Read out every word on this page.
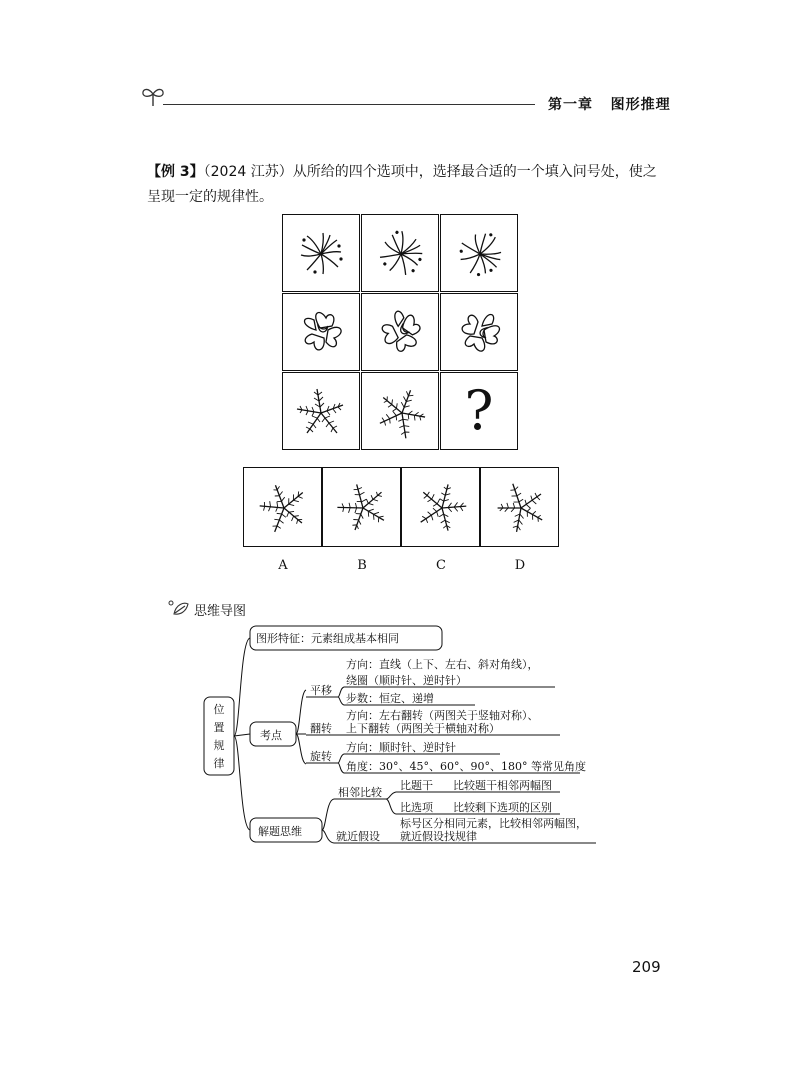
第一章 图形推理
【例 3】（2024 江苏）从所给的四个选项中，选择最合适的一个填入问号处，使之呈现一定的规律性。
?
A	B	C	D
思维导图
位
置
规
律
图形特征：元素组成基本相同
考点
解题思维
平移
翻转
旋转
方向：直线（上下、左右、斜对角线），
绕圈（顺时针、逆时针）
步数：恒定、递增
方向：左右翻转（两图关于竖轴对称）、
上下翻转（两图关于横轴对称）
方向：顺时针、逆时针
角度：30°、45°、60°、90°、180° 等常见角度
相邻比较
比题干 比较题干相邻两幅图
比选项 比较剩下选项的区别
就近假设
标号区分相同元素，比较相邻两幅图，
就近假设找规律
209
